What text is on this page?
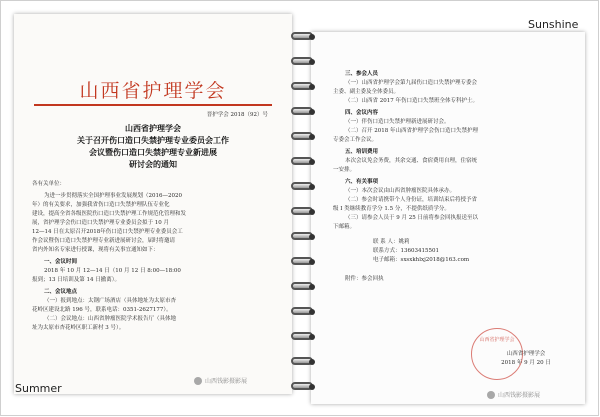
山西省护理学会
晋护学会 2018（92）号
山西省护理学会
关于召开伤口造口失禁护理专业委员会工作
会议暨伤口造口失禁护理专业新进展
研讨会的通知
各有关单位：
为进一步贯彻落实全国护理事业发展规划（2016—2020
年）的有关要求，加强我省伤口造口失禁护理队伍专业化
建设，提高全省各级医院伤口造口失禁护理工作规范化管理和发
展，省护理学会伤口造口失禁护理专业委员会拟于 10 月
12—14 日在太原召开2018年伤口造口失禁护理专业委员会工
作会议暨伤口造口失禁护理专业新进展研讨会，届时将邀请
省内外知名专家进行授课，现将有关事宜通知如下：
一、会议时间
2018 年 10 月 12—14 日（10 月 12 日 8:00—18:00
报到；13 日培训及第 14 日撤离）。
二、会议地点
（一）报到地点：太钢广场酒店（具体地址为太原市杏
花岭区建设北路 196 号，联系电话：0351-2627177）。
（二）会议地点：山西省肿瘤医院学术报告厅（具体地
址为太原市杏花岭区职工新村 3 号）。
山西钱影摄影展
三、参会人员
（一）山西省护理学会第九届伤口造口失禁护理专委会
主委、副主委及全体委员。
（二）山西省 2017 年伤口造口失禁班全体专科护士。
四、会议内容
（一）伴伤口造口失禁护理新进展研讨会。
（二）召开 2018 年山西省护理学会伤口造口失禁护理
专委会工作会议。
五、培训费用
本次会议免会务费，其余交通、食宿费用自理，住宿统
一安排。
六、有关事项
（一）本次会议由山西省肿瘤医院具体承办。
（二）参会时请携带个人身份证，培训结束后将授予省
级 I 类继续教育学分 1.5 分，不提供纸质学分。
（三）请参会人员于 9 月 25 日前将参会回执报送至以
下邮箱。
联 系 人：姚莉
联系方式：13603415501
电子邮箱：sxsxkhlxj2018@163.com
附件：参会回执
山西省护理学会
山西省护理学会
2018 年 9 月 20 日
山西钱影摄影展
Summer
Sunshine
